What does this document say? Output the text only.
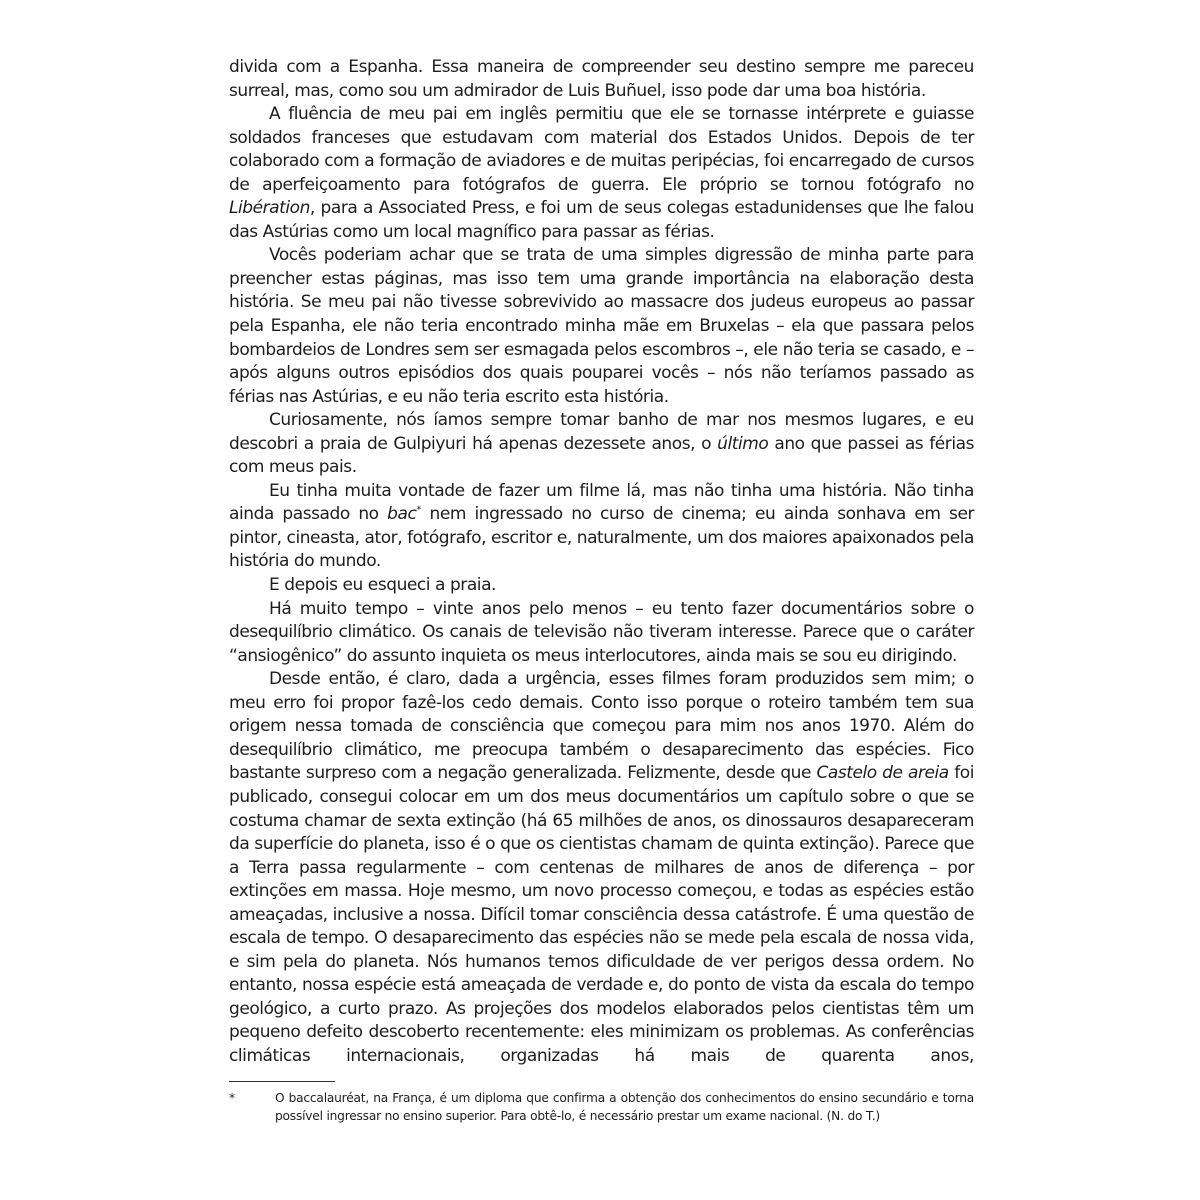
divida com a Espanha. Essa maneira de compreender seu destino sempre me pareceu surreal, mas, como sou um admirador de Luis Buñuel, isso pode dar uma boa história.

A fluência de meu pai em inglês permitiu que ele se tornasse intérprete e guiasse soldados franceses que estudavam com material dos Estados Unidos. Depois de ter colaborado com a formação de aviadores e de muitas peripécias, foi encarregado de cursos de aperfeiçoamento para fotógrafos de guerra. Ele próprio se tornou fotógrafo no Libération, para a Associated Press, e foi um de seus colegas estadunidenses que lhe falou das Astúrias como um local magnífico para passar as férias.

Vocês poderiam achar que se trata de uma simples digressão de minha parte para preencher estas páginas, mas isso tem uma grande importância na elaboração desta história. Se meu pai não tivesse sobrevivido ao massacre dos judeus europeus ao passar pela Espanha, ele não teria encontrado minha mãe em Bruxelas – ela que passara pelos bombardeios de Londres sem ser esmagada pelos escombros –, ele não teria se casado, e – após alguns outros episódios dos quais pouparei vocês – nós não teríamos passado as férias nas Astúrias, e eu não teria escrito esta história.

Curiosamente, nós íamos sempre tomar banho de mar nos mesmos lugares, e eu descobri a praia de Gulpiyuri há apenas dezessete anos, o último ano que passei as férias com meus pais.

Eu tinha muita vontade de fazer um filme lá, mas não tinha uma história. Não tinha ainda passado no bac* nem ingressado no curso de cinema; eu ainda sonhava em ser pintor, cineasta, ator, fotógrafo, escritor e, naturalmente, um dos maiores apaixonados pela história do mundo.

E depois eu esqueci a praia.

Há muito tempo – vinte anos pelo menos – eu tento fazer documentários sobre o desequilíbrio climático. Os canais de televisão não tiveram interesse. Parece que o caráter “ansiogênico” do assunto inquieta os meus interlocutores, ainda mais se sou eu dirigindo.

Desde então, é claro, dada a urgência, esses filmes foram produzidos sem mim; o meu erro foi propor fazê-los cedo demais. Conto isso porque o roteiro também tem sua origem nessa tomada de consciência que começou para mim nos anos 1970. Além do desequilíbrio climático, me preocupa também o desaparecimento das espécies. Fico bastante surpreso com a negação generalizada. Felizmente, desde que Castelo de areia foi publicado, consegui colocar em um dos meus documentários um capítulo sobre o que se costuma chamar de sexta extinção (há 65 milhões de anos, os dinossauros desapareceram da superfície do planeta, isso é o que os cientistas chamam de quinta extinção). Parece que a Terra passa regularmente – com centenas de milhares de anos de diferença – por extinções em massa. Hoje mesmo, um novo processo começou, e todas as espécies estão ameaçadas, inclusive a nossa. Difícil tomar consciência dessa catástrofe. É uma questão de escala de tempo. O desaparecimento das espécies não se mede pela escala de nossa vida, e sim pela do planeta. Nós humanos temos dificuldade de ver perigos dessa ordem. No entanto, nossa espécie está ameaçada de verdade e, do ponto de vista da escala do tempo geológico, a curto prazo. As projeções dos modelos elaborados pelos cientistas têm um pequeno defeito descoberto recentemente: eles minimizam os problemas. As conferências climáticas internacionais, organizadas há mais de quarenta anos,

*	O baccalauréat, na França, é um diploma que confirma a obtenção dos conhecimentos do ensino secundário e torna possível ingressar no ensino superior. Para obtê-lo, é necessário prestar um exame nacional. (N. do T.)
